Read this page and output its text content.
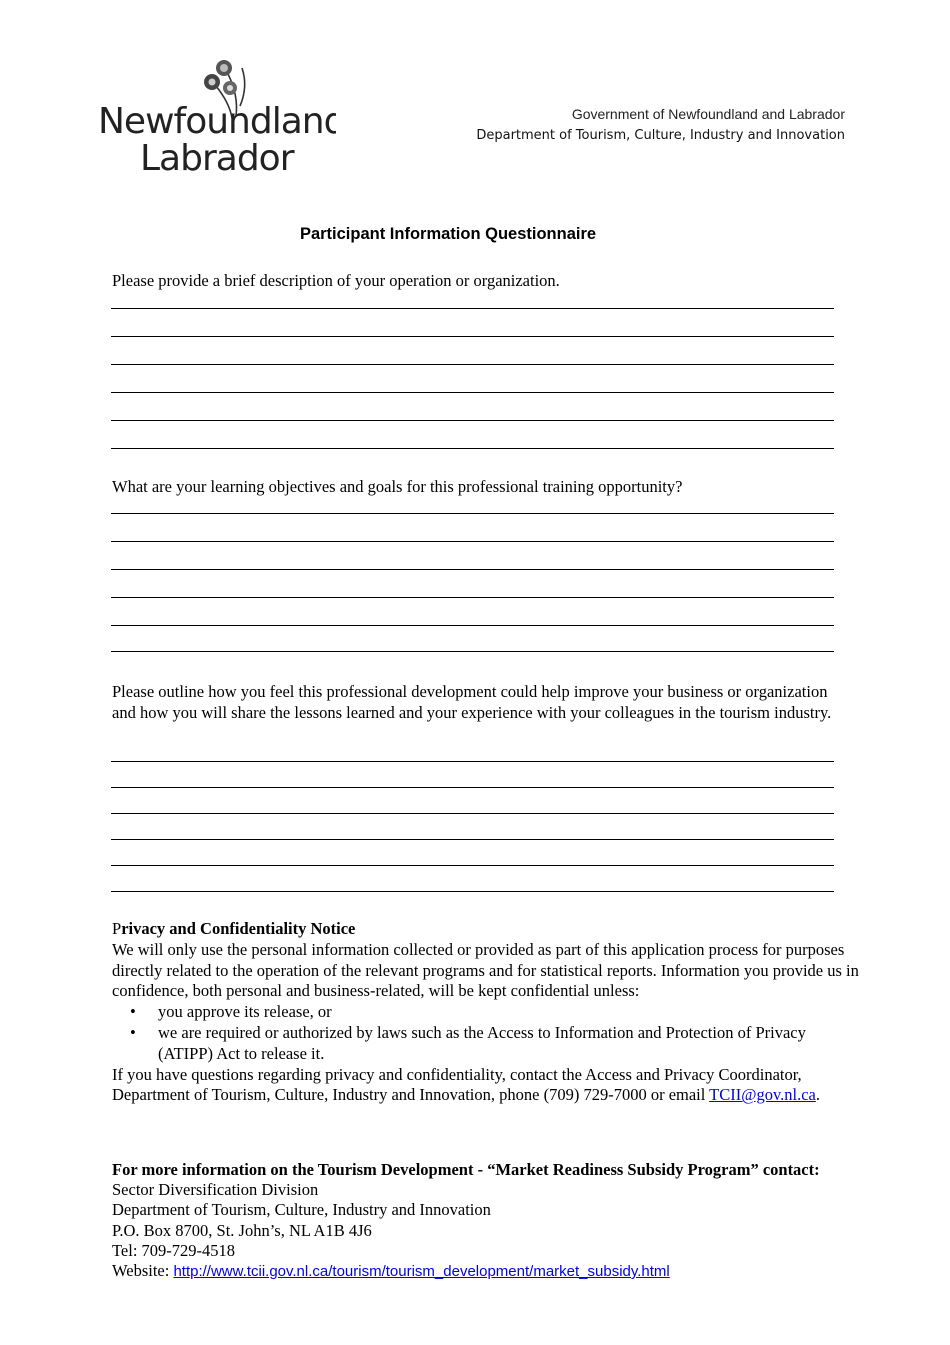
Newfoundland
Labrador
Government of Newfoundland and Labrador
Department of Tourism, Culture, Industry and Innovation
Participant Information Questionnaire
Please provide a brief description of your operation or organization.
What are your learning objectives and goals for this professional training opportunity?
Please outline how you feel this professional development could help improve your business or organization and how you will share the lessons learned and your experience with your colleagues in the tourism industry.
Privacy and Confidentiality Notice
We will only use the personal information collected or provided as part of this application process for purposes directly related to the operation of the relevant programs and for statistical reports. Information you provide us in confidence, both personal and business-related, will be kept confidential unless:
• you approve its release, or
• we are required or authorized by laws such as the Access to Information and Protection of Privacy (ATIPP) Act to release it.
If you have questions regarding privacy and confidentiality, contact the Access and Privacy Coordinator, Department of Tourism, Culture, Industry and Innovation, phone (709) 729-7000 or email TCII@gov.nl.ca.
For more information on the Tourism Development - “Market Readiness Subsidy Program” contact:
Sector Diversification Division
Department of Tourism, Culture, Industry and Innovation
P.O. Box 8700, St. John’s, NL A1B 4J6
Tel: 709-729-4518
Website: http://www.tcii.gov.nl.ca/tourism/tourism_development/market_subsidy.html
